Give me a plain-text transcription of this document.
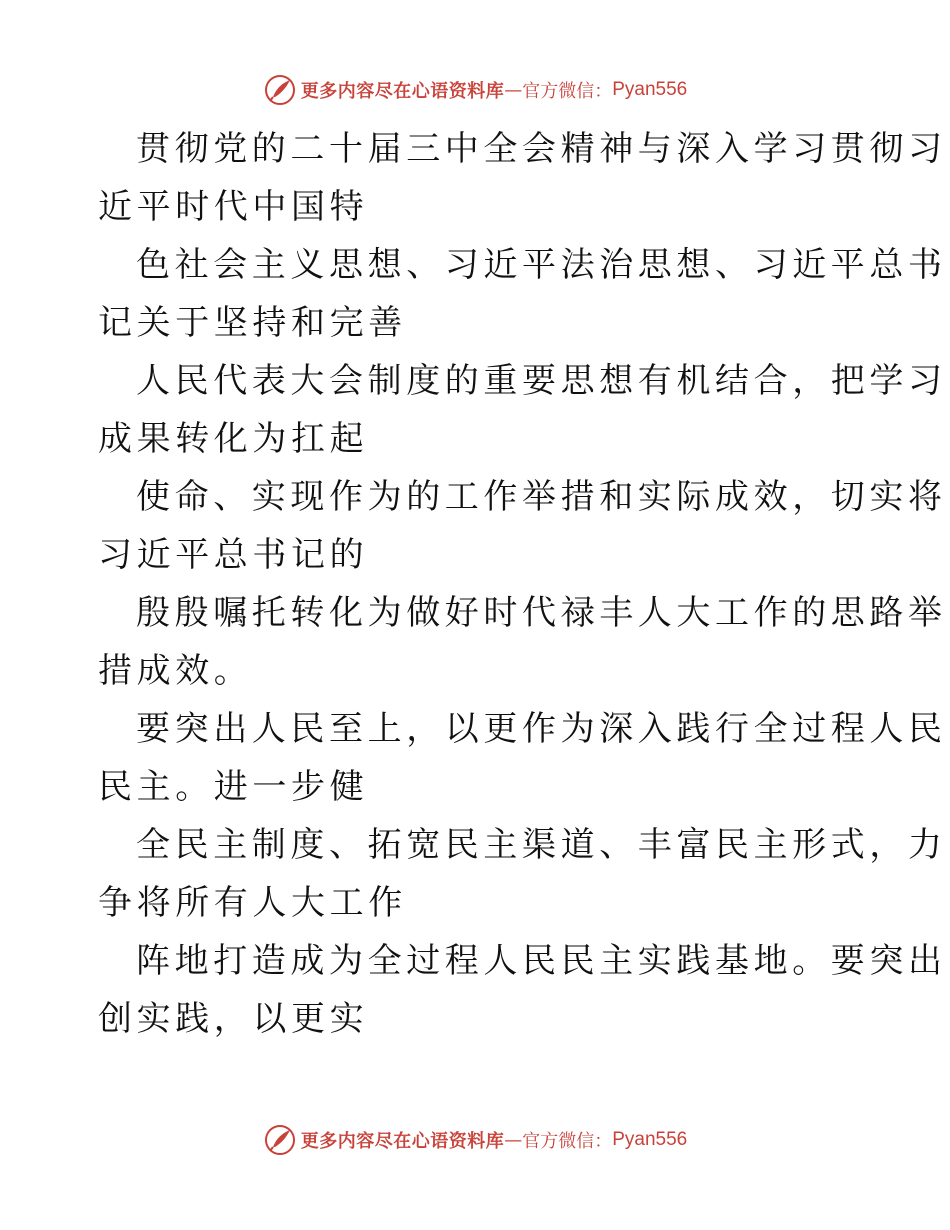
更多内容尽在心语资料库 — 官方微信： Pyan556

贯彻党的二十届三中全会精神与深入学习贯彻习
近平时代中国特

色社会主义思想、习近平法治思想、习近平总书
记关于坚持和完善

人民代表大会制度的重要思想有机结合，把学习
成果转化为扛起

使命、实现作为的工作举措和实际成效，切实将
习近平总书记的

殷殷嘱托转化为做好时代禄丰人大工作的思路举
措成效。

要突出人民至上，以更作为深入践行全过程人民
民主。进一步健

全民主制度、拓宽民主渠道、丰富民主形式，力
争将所有人大工作

阵地打造成为全过程人民民主实践基地。要突出
创实践，以更实

更多内容尽在心语资料库 — 官方微信： Pyan556
